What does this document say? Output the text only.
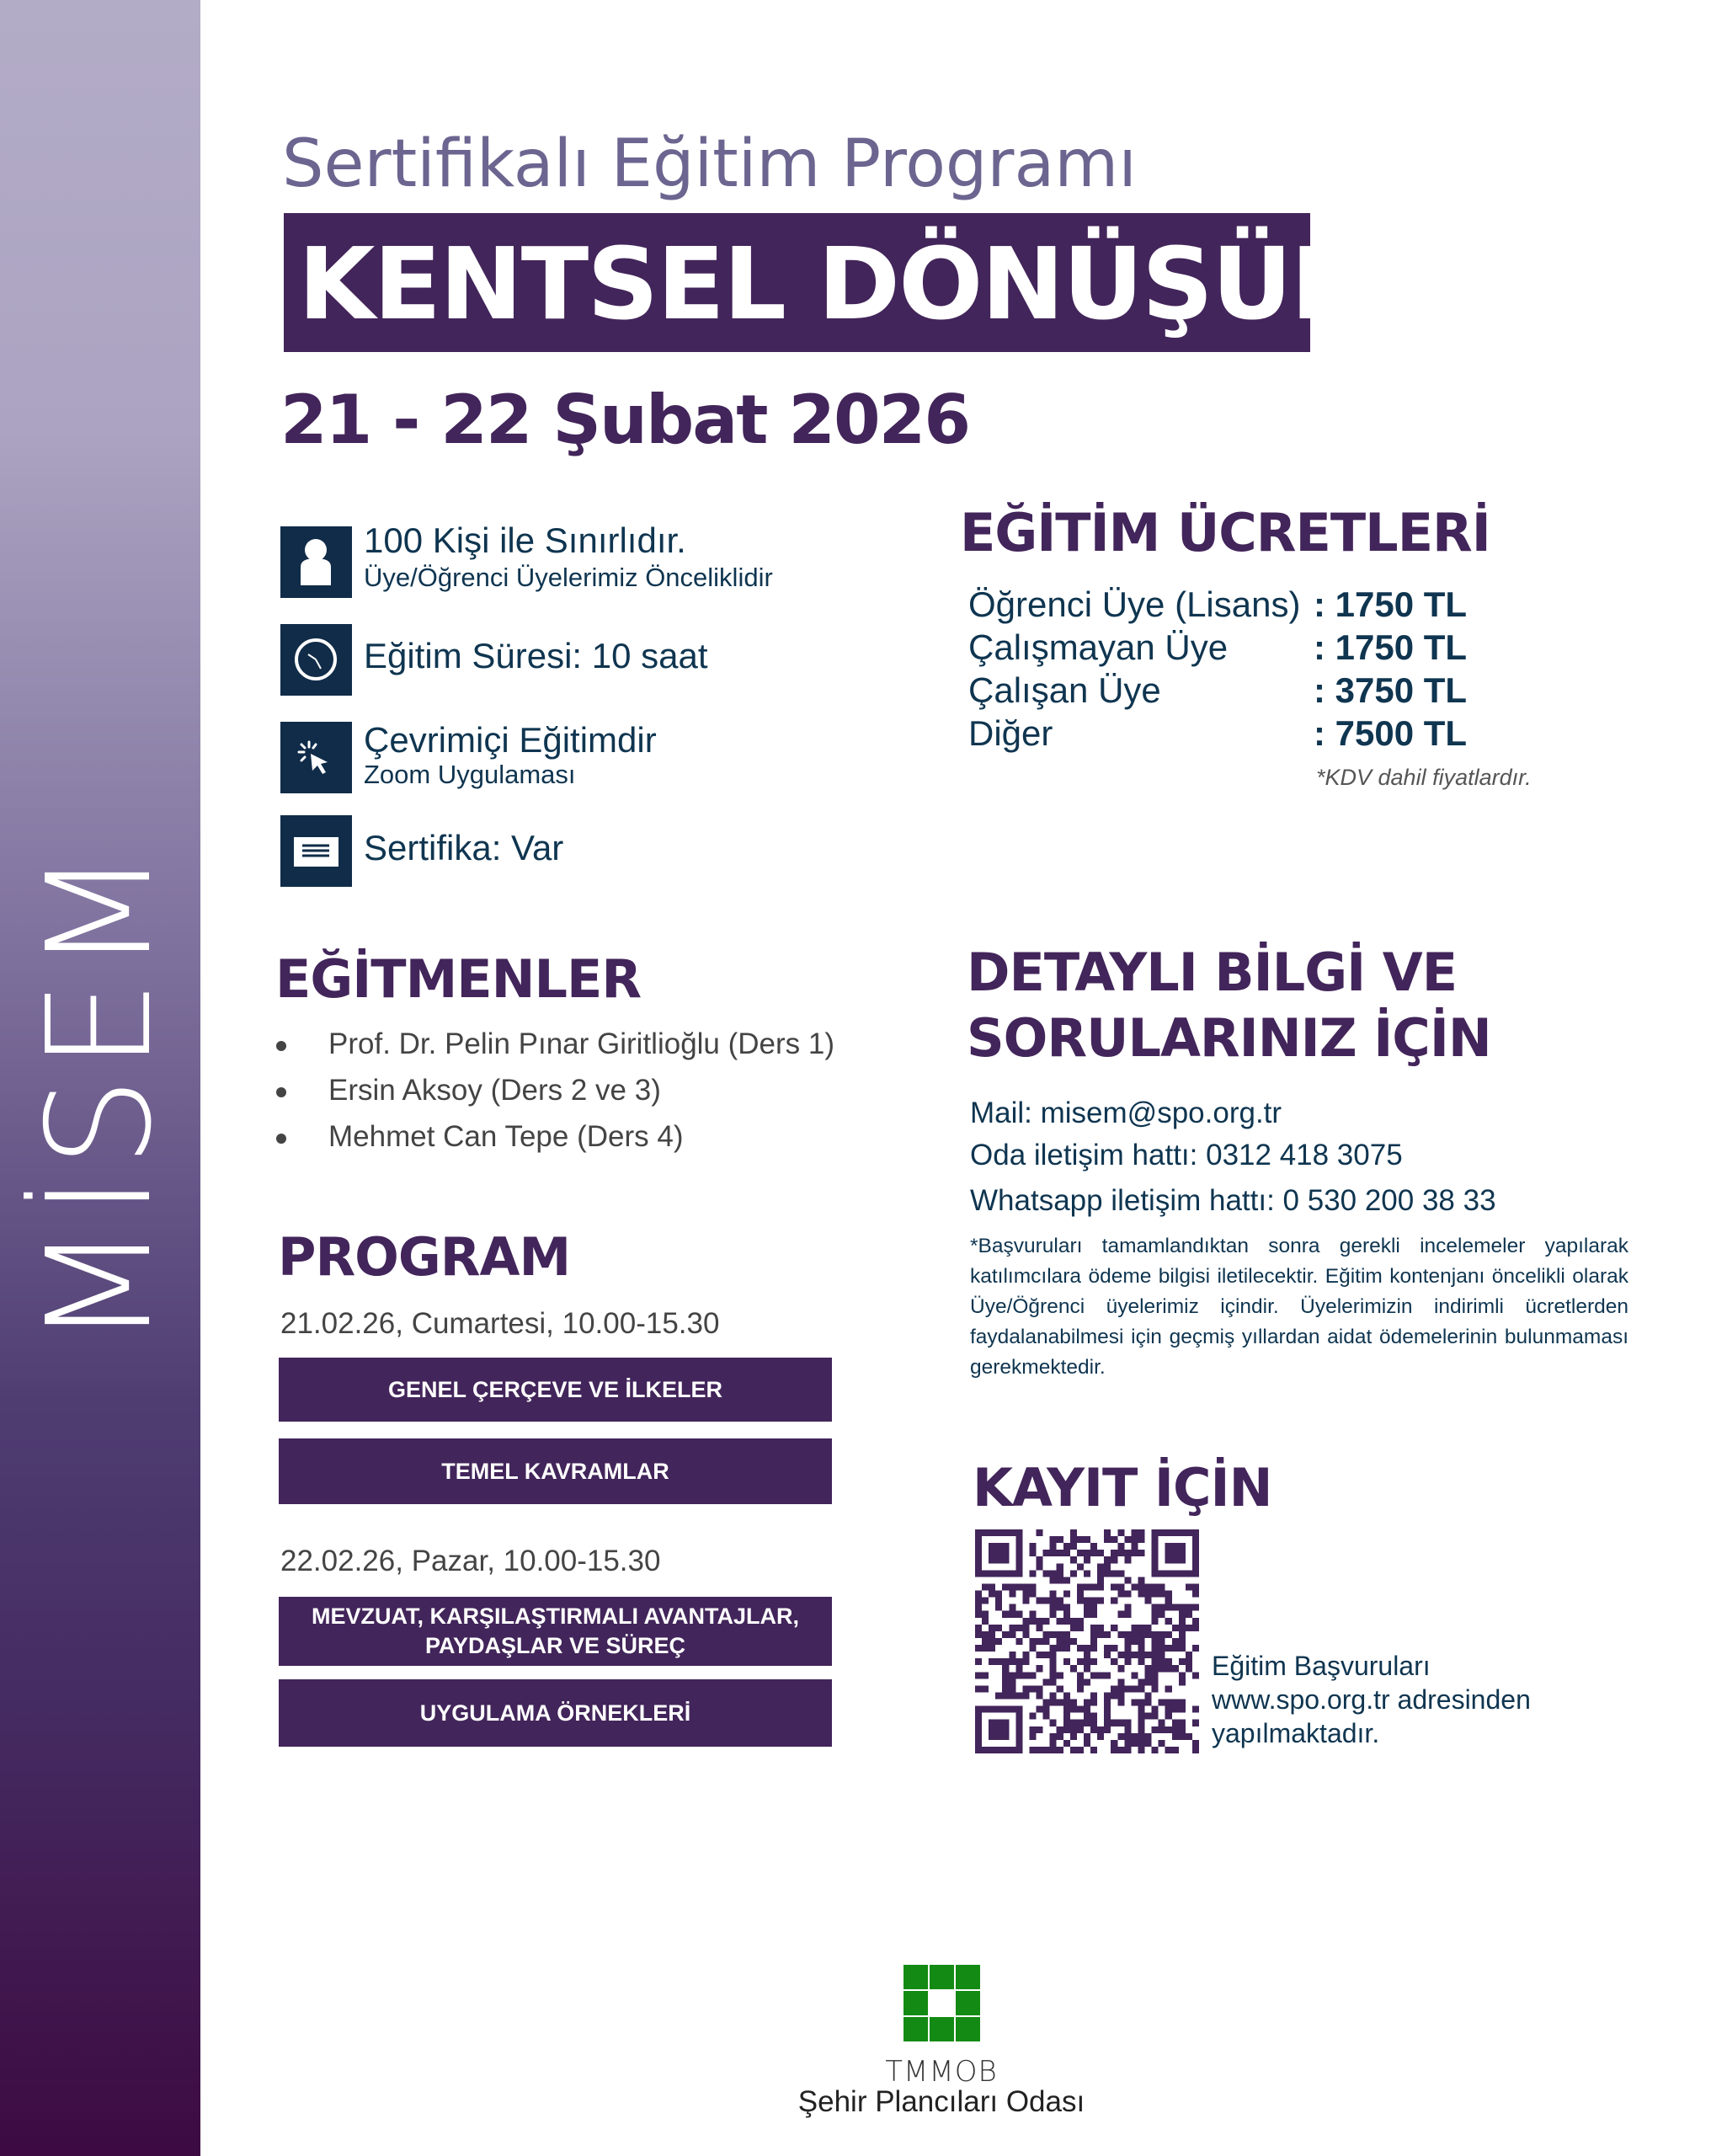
MİSEM
Sertifikalı Eğitim Programı
KENTSEL DÖNÜŞÜM
21 - 22 Şubat 2026
100 Kişi ile Sınırlıdır.
Üye/Öğrenci Üyelerimiz Önceliklidir
Eğitim Süresi: 10 saat
Çevrimiçi Eğitimdir
Zoom Uygulaması
Sertifika: Var
EĞİTİM ÜCRETLERİ
Öğrenci Üye (Lisans) : 1750 TL
Çalışmayan Üye : 1750 TL
Çalışan Üye	: 3750 TL
Diğer	: 7500 TL
*KDV dahil fiyatlardır.
EĞİTMENLER
Prof. Dr. Pelin Pınar Giritlioğlu (Ders 1)
Ersin Aksoy (Ders 2 ve 3)
Mehmet Can Tepe (Ders 4)
PROGRAM
21.02.26, Cumartesi, 10.00-15.30
GENEL ÇERÇEVE VE İLKELER
TEMEL KAVRAMLAR
22.02.26, Pazar, 10.00-15.30
MEVZUAT, KARŞILAŞTIRMALI AVANTAJLAR, PAYDAŞLAR VE SÜREÇ
UYGULAMA ÖRNEKLERİ
DETAYLI BİLGİ VE
SORULARINIZ İÇİN
Mail: misem@spo.org.tr
Oda iletişim hattı: 0312 418 3075
Whatsapp iletişim hattı: 0 530 200 38 33
*Başvuruları tamamlandıktan sonra gerekli incelemeler yapılarak katılımcılara ödeme bilgisi iletilecektir. Eğitim kontenjanı öncelikli olarak Üye/Öğrenci üyelerimiz içindir. Üyelerimizin indirimli ücretlerden faydalanabilmesi için geçmiş yıllardan aidat ödemelerinin bulunmaması gerekmektedir.
KAYIT İÇİN
Eğitim Başvuruları
www.spo.org.tr adresinden
yapılmaktadır.
TMMOB
Şehir Plancıları Odası
